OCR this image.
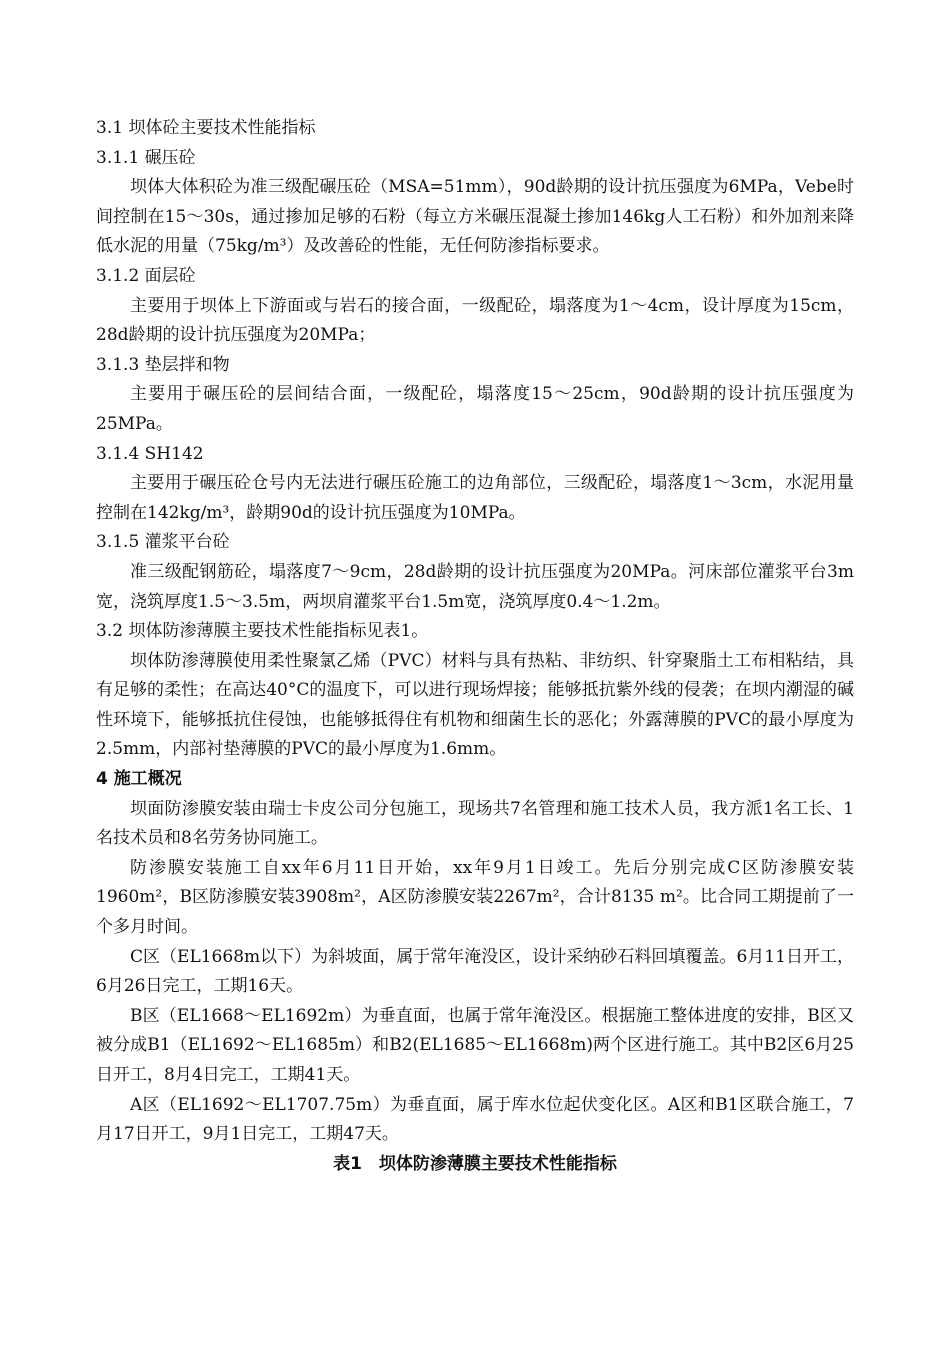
3.1 坝体砼主要技术性能指标

3.1.1 碾压砼

坝体大体积砼为准三级配碾压砼（MSA=51mm），90d龄期的设计抗压强度为6MPa，Vebe时间控制在15～30s，通过掺加足够的石粉（每立方米碾压混凝土掺加146kg人工石粉）和外加剂来降低水泥的用量（75kg/m³）及改善砼的性能，无任何防渗指标要求。

3.1.2 面层砼

主要用于坝体上下游面或与岩石的接合面，一级配砼，塌落度为1～4cm，设计厚度为15cm，28d龄期的设计抗压强度为20MPa；

3.1.3 垫层拌和物

主要用于碾压砼的层间结合面，一级配砼，塌落度15～25cm，90d龄期的设计抗压强度为25MPa。

3.1.4 SH142

主要用于碾压砼仓号内无法进行碾压砼施工的边角部位，三级配砼，塌落度1～3cm，水泥用量控制在142kg/m³，龄期90d的设计抗压强度为10MPa。

3.1.5 灌浆平台砼

准三级配钢筋砼，塌落度7～9cm，28d龄期的设计抗压强度为20MPa。河床部位灌浆平台3m宽，浇筑厚度1.5～3.5m，两坝肩灌浆平台1.5m宽，浇筑厚度0.4～1.2m。

3.2 坝体防渗薄膜主要技术性能指标见表1。

坝体防渗薄膜使用柔性聚氯乙烯（PVC）材料与具有热粘、非纺织、针穿聚脂土工布相粘结，具有足够的柔性；在高达40°C的温度下，可以进行现场焊接；能够抵抗紫外线的侵袭；在坝内潮湿的碱性环境下，能够抵抗住侵蚀，也能够抵得住有机物和细菌生长的恶化；外露薄膜的PVC的最小厚度为2.5mm，内部衬垫薄膜的PVC的最小厚度为1.6mm。

4 施工概况

坝面防渗膜安装由瑞士卡皮公司分包施工，现场共7名管理和施工技术人员，我方派1名工长、1名技术员和8名劳务协同施工。

防渗膜安装施工自xx年6月11日开始，xx年9月1日竣工。先后分别完成C区防渗膜安装1960m²，B区防渗膜安装3908m²，A区防渗膜安装2267m²，合计8135 m²。比合同工期提前了一个多月时间。

C区（EL1668m以下）为斜坡面，属于常年淹没区，设计采纳砂石料回填覆盖。6月11日开工，6月26日完工，工期16天。

B区（EL1668～EL1692m）为垂直面，也属于常年淹没区。根据施工整体进度的安排，B区又被分成B1（EL1692～EL1685m）和B2(EL1685～EL1668m)两个区进行施工。其中B2区6月25日开工，8月4日完工，工期41天。

A区（EL1692～EL1707.75m）为垂直面，属于库水位起伏变化区。A区和B1区联合施工，7月17日开工，9月1日完工，工期47天。

表1　坝体防渗薄膜主要技术性能指标
